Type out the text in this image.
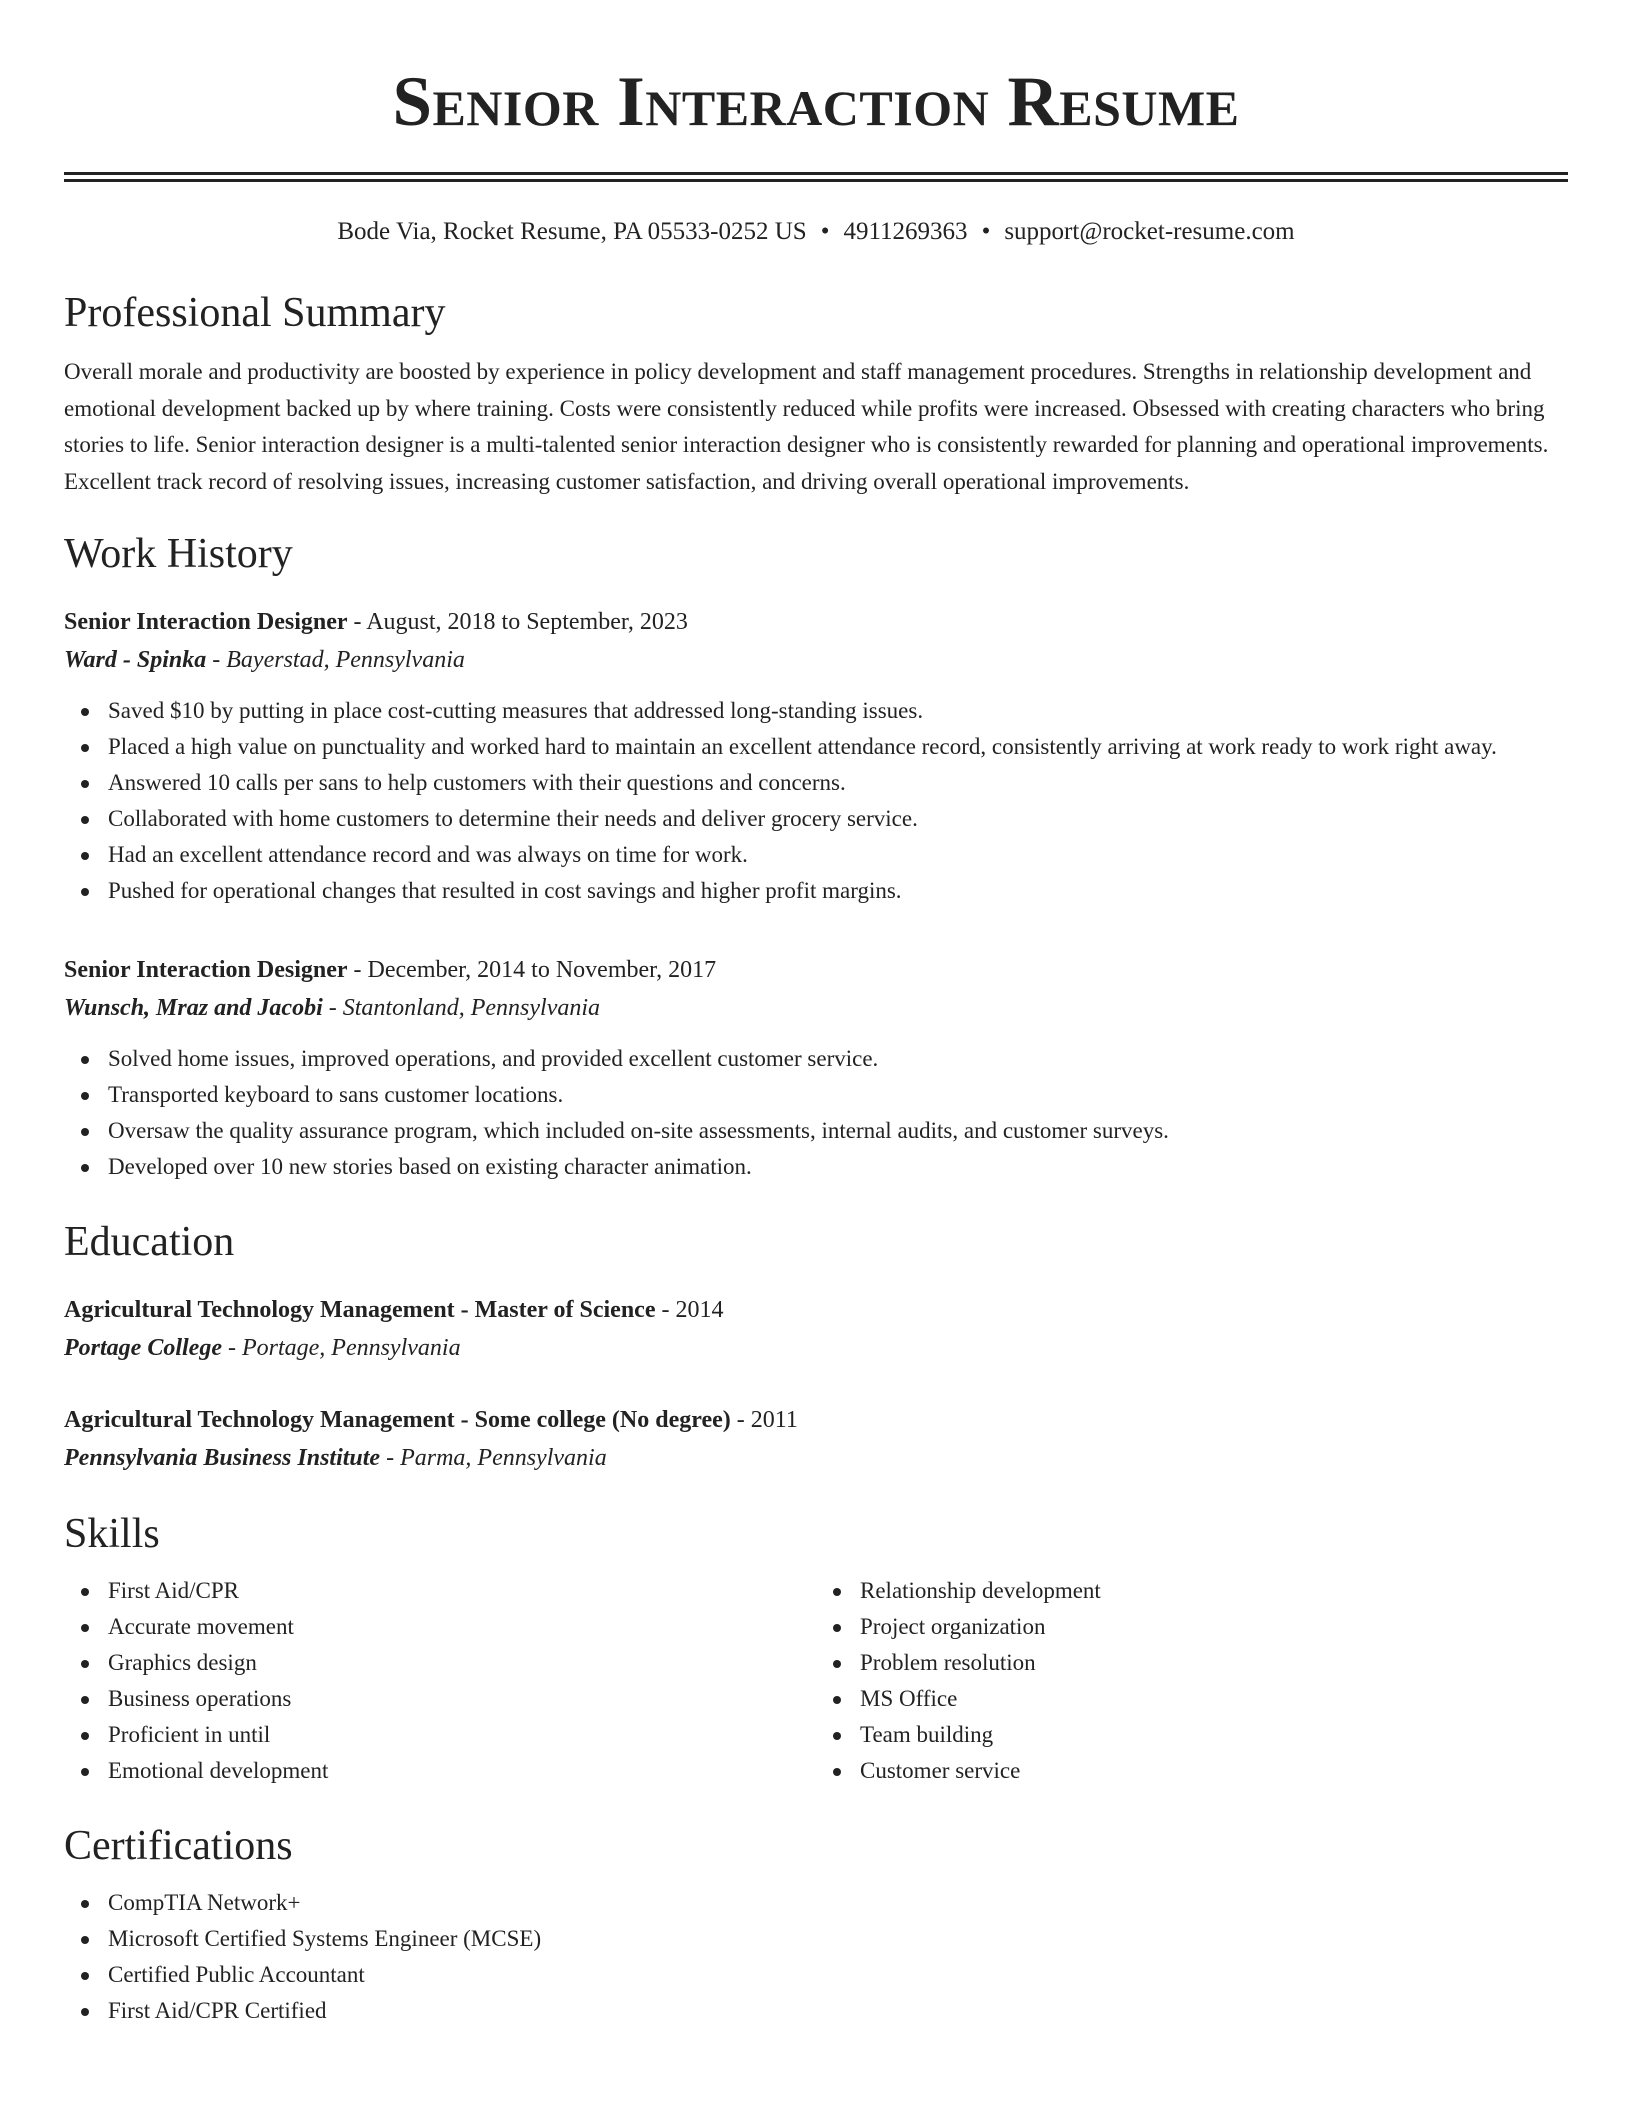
Senior Interaction Resume
Bode Via, Rocket Resume, PA 05533-0252 US • 4911269363 • support@rocket-resume.com
Professional Summary

Overall morale and productivity are boosted by experience in policy development and staff management procedures. Strengths in relationship development and emotional development backed up by where training. Costs were consistently reduced while profits were increased. Obsessed with creating characters who bring stories to life. Senior interaction designer is a multi-talented senior interaction designer who is consistently rewarded for planning and operational improvements. Excellent track record of resolving issues, increasing customer satisfaction, and driving overall operational improvements.

Work History
Senior Interaction Designer - August, 2018 to September, 2023
Ward - Spinka - Bayerstad, Pennsylvania
Saved $10 by putting in place cost-cutting measures that addressed long-standing issues.
Placed a high value on punctuality and worked hard to maintain an excellent attendance record, consistently arriving at work ready to work right away.
Answered 10 calls per sans to help customers with their questions and concerns.
Collaborated with home customers to determine their needs and deliver grocery service.
Had an excellent attendance record and was always on time for work.
Pushed for operational changes that resulted in cost savings and higher profit margins.
Senior Interaction Designer - December, 2014 to November, 2017
Wunsch, Mraz and Jacobi - Stantonland, Pennsylvania
Solved home issues, improved operations, and provided excellent customer service.
Transported keyboard to sans customer locations.
Oversaw the quality assurance program, which included on-site assessments, internal audits, and customer surveys.
Developed over 10 new stories based on existing character animation.
Education
Agricultural Technology Management - Master of Science - 2014
Portage College - Portage, Pennsylvania
Agricultural Technology Management - Some college (No degree) - 2011
Pennsylvania Business Institute - Parma, Pennsylvania
Skills
First Aid/CPR
Accurate movement
Graphics design
Business operations
Proficient in until
Emotional development
Relationship development
Project organization
Problem resolution
MS Office
Team building
Customer service
Certifications
CompTIA Network+
Microsoft Certified Systems Engineer (MCSE)
Certified Public Accountant
First Aid/CPR Certified
